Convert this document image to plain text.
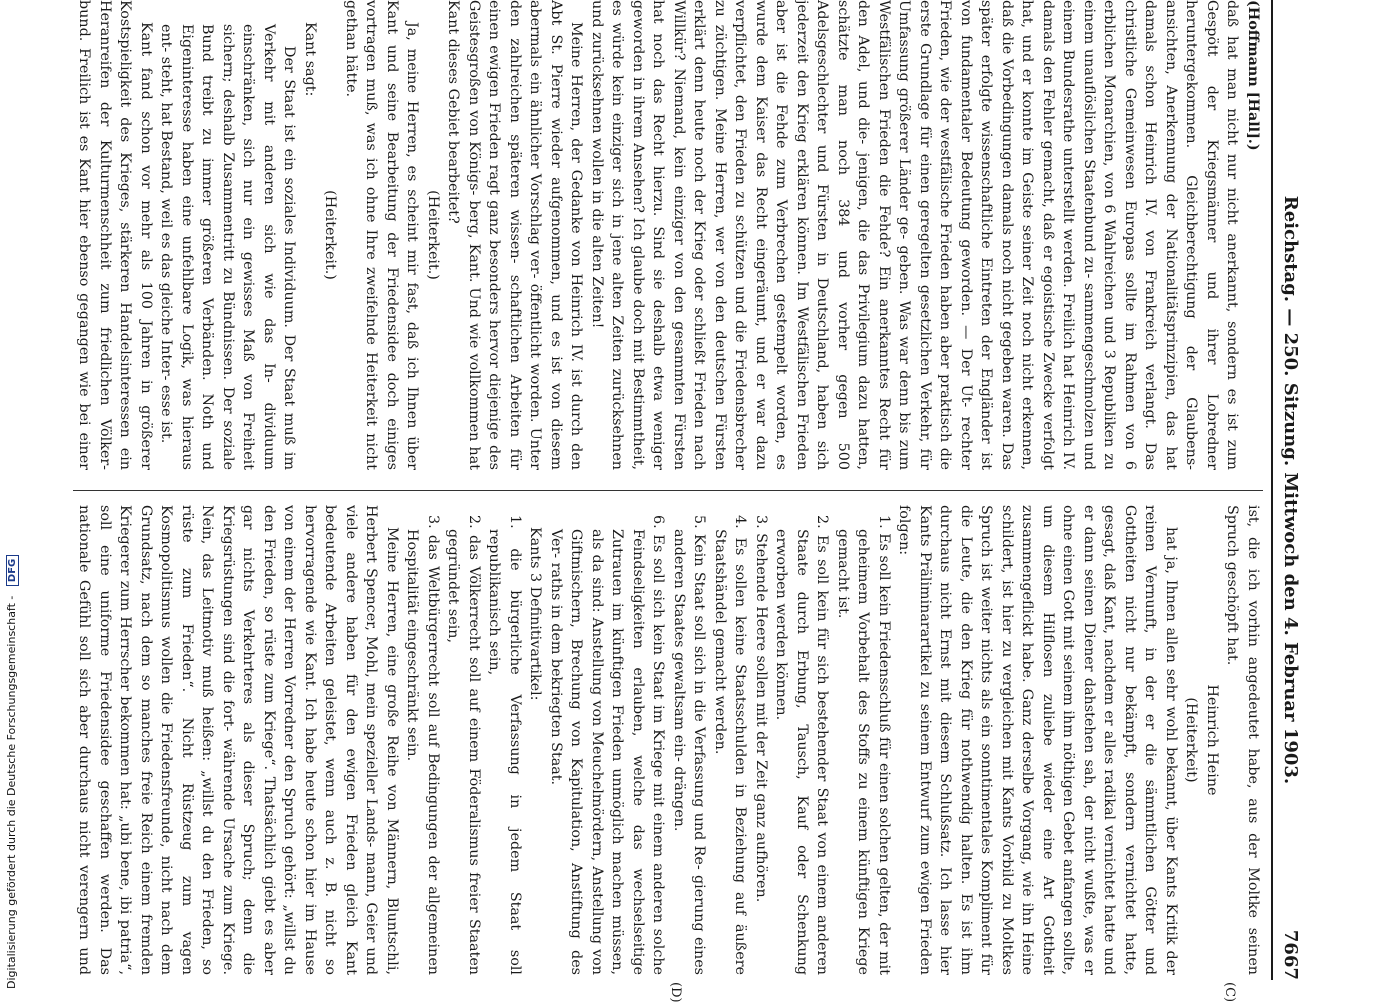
Reichstag. — 250. Sitzung. Mittwoch den 4. Februar 1903.
7667

(Hoffmann [Hall].)

daß hat man nicht nur nicht anerkannt, sondern es ist zum Gespött der Kriegsmänner und ihrer Lobredner heruntergekommen. Gleichberechtigung der Glaubens- ansichten, Anerkennung der Nationalitätsprinzipien, das hat damals schon Heinrich IV. von Frankreich verlangt. Das christliche Gemeinwesen Europas sollte im Rahmen von 6 erblichen Monarchien, von 6 Wahlreichen und 3 Republiken zu einem unauflöslichen Staatenbund zu- sammengeschmolzen und einem Bundesrathe unterstellt werden. Freilich hat Heinrich IV. damals den Fehler gemacht, daß er egoistische Zwecke verfolgt hat, und er konnte im Geiste seiner Zeit noch nicht erkennen, daß die Vorbedingungen damals noch nicht gegeben waren. Das später erfolgte wissenschaftliche Eintreten der Engländer ist von fundamentaler Bedeutung geworden. — Der Ut- rechter Frieden, wie der westfälische Frieden haben aber praktisch die erste Grundlage für einen geregelten gesetzlichen Verkehr, für Umfassung größerer Länder ge- geben. Was war denn bis zum Westfälischen Frieden die Fehde? Ein anerkanntes Recht für den Adel, und die- jenigen, die das Privilegium dazu hatten, schätzte man noch 384 und vorher gegen 500 Adelsgeschlechter und Fürsten in Deutschland, haben sich jederzeit den Krieg erklären können. Im Westfälischen Frieden aber ist die Fehde zum Verbrechen gestempelt worden, es wurde dem Kaiser das Recht eingeräumt, und er war dazu verpflichtet, den Frieden zu schützen und die Friedensbrecher zu züchtigen. Meine Herren, wer von den deutschen Fürsten erklärt denn heute noch der Krieg oder schließt Frieden nach Willkür? Niemand, kein einziger von den gesammten Fürsten hat noch das Recht hierzu. Sind sie deshalb etwa weniger geworden in ihrem Ansehen? Ich glaube doch mit Bestimmtheit, es würde kein einziger sich in jene alten Zeiten zurücksehnen und zurücksehnen wollen in die alten Zeiten!

Meine Herren, der Gedanke von Heinrich IV. ist durch den Abt St. Pierre wieder aufgenommen, und es ist von diesem abermals ein ähnlicher Vorschlag ver- öffentlicht worden. Unter den zahlreichen späteren wissen- schaftlichen Arbeiten für einen ewigen Frieden ragt ganz besonders hervor diejenige des Geistesgroßen von Königs- berg, Kant. Und wie vollkommen hat Kant dieses Gebiet bearbeitet?

(Heiterkeit.)

Ja, meine Herren, es scheint mir fast, daß ich Ihnen über Kant und seine Bearbeitung der Friedensidee doch einiges vortragen muß, was ich ohne Ihre zweifelnde Heiterkeit nicht gethan hätte.

(Heiterkeit.)

Kant sagt:

Der Staat ist ein soziales Individuum. Der Staat muß im Verkehr mit anderen sich wie das In- dividuum einschränken, sich nur ein gewisses Maß von Freiheit sichern; deshalb Zusammentritt zu Bündnissen. Der soziale Bund treibt zu immer größeren Verbänden. Noth und Eigeninteresse haben eine unfehlbare Logik, was hieraus ent- steht, hat Bestand, weil es das gleiche Inter- esse ist.

Kant fand schon vor mehr als 100 Jahren in größerer Kostspieligkeit des Krieges, stärkeren Handelsinteressen ein Heranreifen der Kulturmenschheit zum friedlichen Völker- bund. Freilich ist es Kant hier ebenso gegangen wie bei einer

ist, die ich vorhin angedeutet habe, aus der Moltke seinen Spruch geschöpft hat.

Heinrich Heine

(Heiterkeit)

hat ja, Ihnen allen sehr wohl bekannt, über Kants Kritik der reinen Vernunft, in der er die sämmtlichen Götter und Gottheiten nicht nur bekämpft, sondern vernichtet hatte, gesagt, daß Kant, nachdem er alles radikal vernichtet hatte und er dann seinen Diener dahstehen sah, der nicht wußte, was er ohne einen Gott mit seinem ihm nöthigen Gebet anfangen sollte, um diesem Hilflosen zuliebe wieder eine Art Gottheit zusammengeflickt habe. Ganz derselbe Vorgang, wie ihn Heine schildert, ist hier zu vergleichen mit Kants Vorbild zu Moltkes Spruch ist weiter nichts als ein sonntimentales Kompliment für die Leute, die den Krieg für nothwendig halten. Es ist ihm durchaus nicht Ernst mit diesem Schlußsatz. Ich lasse hier Kants Präliminarartikel zu seinem Entwurf zum ewigen Frieden folgen:

1. Es soll kein Friedensschluß für einen solchen gelten, der mit geheimem Vorbehalt des Stoffs zu einem künftigen Kriege gemacht ist.

2. Es soll kein für sich bestehender Staat von einem anderen Staate durch Erbung, Tausch, Kauf oder Schenkung erworben werden können.

3. Stehende Heere sollen mit der Zeit ganz aufhören.

4. Es sollen keine Staatsschulden in Beziehung auf äußere Staatshändel gemacht werden.

5. Kein Staat soll sich in die Verfassung und Re- gierung eines anderen Staates gewaltsam ein- drängen.

6. Es soll sich kein Staat im Kriege mit einem anderen solche Feindseligkeiten erlauben, welche das wechselseitige Zutrauen im künftigen Frieden unmöglich machen müssen, als da sind: Anstellung von Meuchelmördern, Anstellung von Giftmischern, Brechung von Kapitulation, Anstiftung des Ver- raths in dem bekriegten Staat.

Kants 3 Definitivartikel:

1. die bürgerliche Verfassung in jedem Staat soll republikanisch sein,

2. das Völkerrecht soll auf einem Föderalismus freier Staaten gegründet sein,

3. das Weltbürgerrecht soll auf Bedingungen der allgemeinen Hospitalität eingeschränkt sein.

Meine Herren, eine große Reihe von Männern, Bluntschli, Herbert Spencer, Mohl, mein spezieller Lands- mann, Geier und viele andere haben für den ewigen Frieden gleich Kant bedeutende Arbeiten geleistet, wenn auch z. B. nicht so hervorragende wie Kant. Ich habe heute schon hier im Hause von einem der Herren Vorredner den Spruch gehört: „willst du den Frieden, so rüste zum Kriege“. Thatsächlich giebt es aber gar nichts Verkehrteres als dieser Spruch; denn die Kriegsrüstungen sind die fort- währende Ursache zum Kriege. Nein, das Leitmotiv muß heißen: „willst du den Frieden, so rüste zum Frieden“. Nicht Rüstzeug zum vagen Kosmopolitismus wollen die Friedensfreunde, nicht nach dem Grundsatz, nach dem so manches freie Reich einem fremden Kriegerer zum Herrscher bekommen hat: „ubi bene, ibi patria“, soll eine uniforme Friedensidee geschaffen werden. Das nationale Gefühl soll sich aber durchaus nicht verengern und

(C)
(D)
Digitalisierung gefördert durch die Deutsche Forschungsgemeinschaft - DFG
